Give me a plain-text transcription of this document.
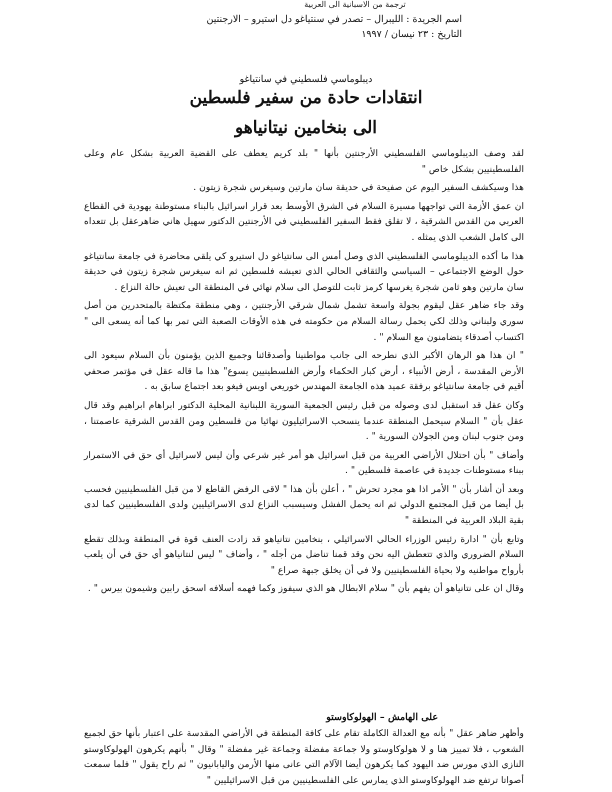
ترجمة من الاسبانية الى العربية
اسم الجريدة : الليبرال – تصدر في سنتياغو دل استيرو – الارجنتين
التاريخ : ٢٣ نيسان / ١٩٩٧
ديبلوماسي فلسطيني في سانتياغو
انتقادات حادة من سفير فلسطين
الى بنخامين نيتانياهو

لقد وصف الديبلوماسي الفلسطيني الأرجنتين بأنها " بلد كريم يعطف على القضية العربية بشكل عام وعلى الفلسطينيين بشكل خاص "

هذا وسيكشف السفير اليوم عن صفيحة في حديقة سان مارتين وسيغرس شجرة زيتون .

ان عمق الأزمة التي تواجهها مسيرة السلام في الشرق الأوسط بعد قرار اسرائيل بالبناء مستوطنة يهودية في القطاع العربي من القدس الشرقية ، لا تقلق فقط السفير الفلسطيني في الأرجنتين الدكتور سهيل هاني ضاهرعقل بل تتعداه الى كامل الشعب الذي يمثله .

هذا ما أكده الديبلوماسي الفلسطيني الذي وصل أمس الى سانتياغو دل استيرو كي يلقي محاضرة في جامعة سانتياغو حول الوضع الاجتماعي – السياسي والثقافي الحالي الذي تعيشه فلسطين ثم انه سيغرس شجرة زيتون في حديقة سان مارتين وهو ثامن شجرة يغرسها كرمز ثابت للتوصل الى سلام نهائي في المنطقة الى تعيش حالة النزاع .

وقد جاء ضاهر عقل ليقوم بجولة واسعة تشمل شمال شرقي الأرجنتين ، وهي منطقة مكتظة بالمتحدرين من أصل سوري ولبناني وذلك لكي يحمل رسالة السلام من حكومته في هذه الأوقات الصعبة التي تمر بها كما أنه يسعى الى " اكتساب أصدقاء يتضامنون مع السلام " .

" ان هذا هو الرهان الأكبر الذي نطرحه الى جانب مواطنينا وأصدقائنا وجميع الذين يؤمنون بأن السلام سيعود الى الأرض المقدسة ، أرض الأنبياء ، أرض كبار الحكماء وأرض الفلسطينيين يسوع" هذا ما قاله عقل في مؤتمر صحفي أقيم في جامعة سانتياغو برفقة عميد هذه الجامعة المهندس خوريعي اويس فيغو بعد اجتماع سابق به .

وكان عقل قد استقبل لدى وصوله من قبل رئيس الجمعية السورية اللبنانية المحلية الدكتور ابراهام ابراهيم وقد قال عقل بأن " السلام سيحمل المنطقة عندما ينسحب الاسرائيليون نهائيا من فلسطين ومن القدس الشرقية عاصمتنا ، ومن جنوب لبنان ومن الجولان السورية " .

وأضاف " بأن احتلال الأراضي العربية من قبل اسرائيل هو أمر غير شرعي وأن ليس لاسرائيل أي حق في الاستمرار ببناء مستوطنات جديدة في عاصمة فلسطين " .

وبعد أن أشار بأن " الأمر اذا هو مجرد تحرش " ، أعلن بأن هذا " لاقى الرفض القاطع لا من قبل الفلسطينيين فحسب بل أيضا من قبل المجتمع الدولي ثم انه يحمل الفشل وسيسبب النزاع لدى الاسرائيليين ولدى الفلسطينيين كما لدى بقية البلاد العربية في المنطقة "

وتابع بأن " ادارة رئيس الوزراء الحالي الاسرائيلي ، بنخامين نتانياهو قد زادت العنف قوة في المنطقة وبذلك تقطع السلام الضروري والذي تتعطش اليه نحن وقد قمنا تناضل من أجله " ، وأضاف " ليس لنتانياهو أي حق في أن يلعب بأرواح مواطنيه ولا بحياة الفلسطينيين ولا في أن يخلق جبهة صراع "

وقال ان على نتانياهو أن يفهم بأن " سلام الابطال هو الذي سيفوز وكما فهمه أسلافه اسحق رابين وشيمون بيرس " .

على الهامش – الهولوكاوستو

وأظهر ضاهر عقل " بأنه مع العدالة الكاملة تقام على كافة المنطقة في الأراضي المقدسة على اعتبار بأنها حق لجميع الشعوب ، فلا تمييز هنا و لا هولوكاوستو ولا جماعة مفضلة وجماعة غير مفضلة " وقال " بأنهم يكرهون الهولوكاوستو النازي الذي مورس ضد اليهود كما يكرهون أيضا الآلام التي عانى منها الأرمن واليابانيون " ثم راح يقول " فلما سمعت أصواتا ترتفع ضد الهولوكاوستو الذي يمارس على الفلسطينيين من قبل الاسرائيليين "
